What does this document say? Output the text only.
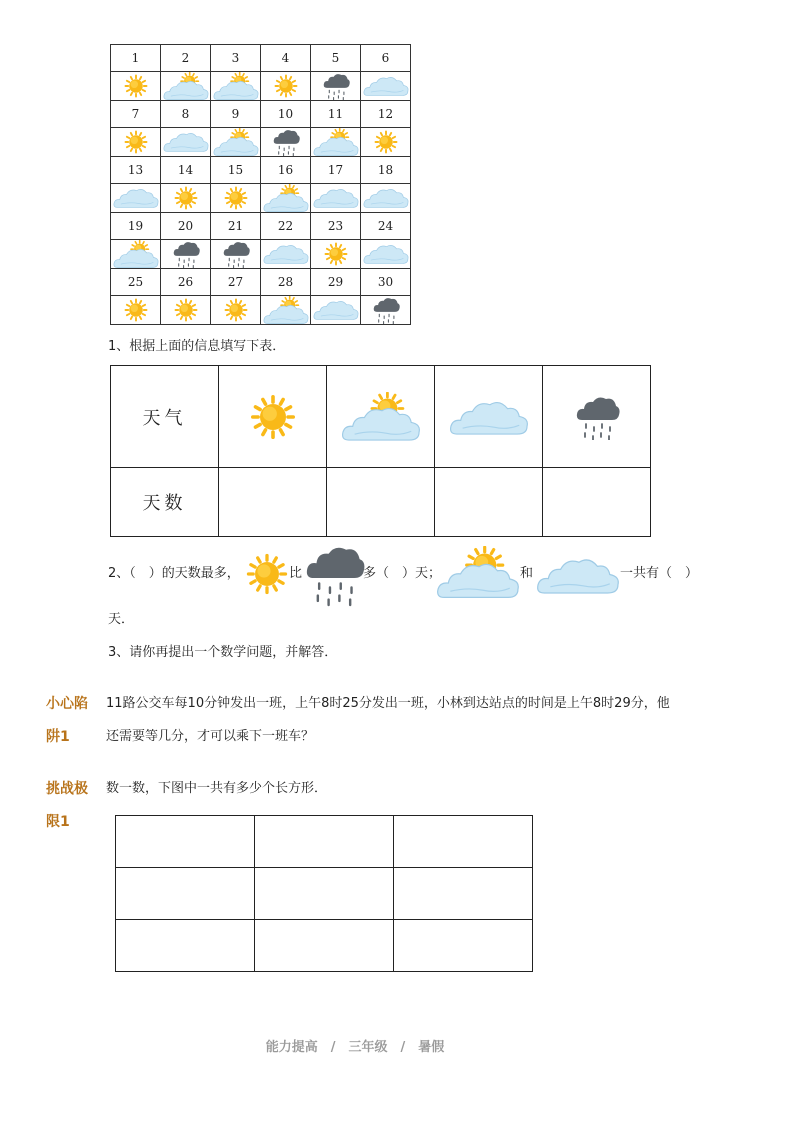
1	2	3	4	5	6

7	8	9	10	11	12

13	14	15	16	17	18

19	20	21	22	23	24

25	26	27	28	29	30

1、根据上面的信息填写下表．
天气	

天数				
2、（　）的天数最多，	比	多（　）天；	和	一共有（　）
天．
3、请你再提出一个数学问题，并解答．
小心陷
阱1
11路公交车每10分钟发出一班，上午8时25分发出一班，小林到达站点的时间是上午8时29分，他
还需要等几分，才可以乘下一班车？
挑战极
限1
数一数，下图中一共有多少个长方形．

能力提高　/　三年级　/　暑假
